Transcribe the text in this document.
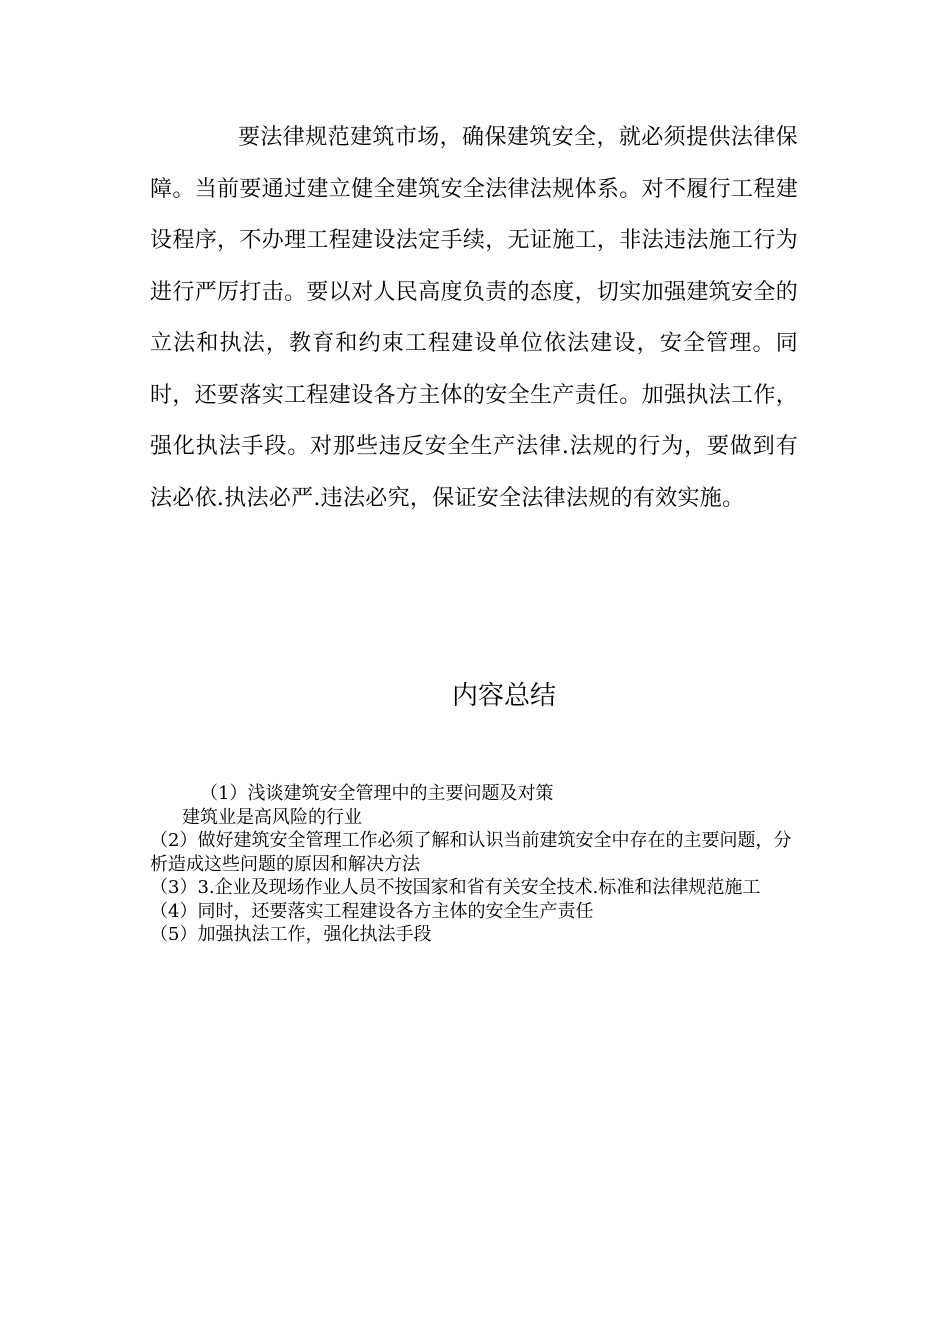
要法律规范建筑市场，确保建筑安全，就必须提供法律保障。当前要通过建立健全建筑安全法律法规体系。对不履行工程建设程序，不办理工程建设法定手续，无证施工，非法违法施工行为进行严厉打击。要以对人民高度负责的态度，切实加强建筑安全的立法和执法，教育和约束工程建设单位依法建设，安全管理。同时，还要落实工程建设各方主体的安全生产责任。加强执法工作，强化执法手段。对那些违反安全生产法律.法规的行为，要做到有法必依.执法必严.违法必究，保证安全法律法规的有效实施。

内容总结
（1）浅谈建筑安全管理中的主要问题及对策
建筑业是高风险的行业
（2）做好建筑安全管理工作必须了解和认识当前建筑安全中存在的主要问题，分析造成这些问题的原因和解决方法
（3）3.企业及现场作业人员不按国家和省有关安全技术.标准和法律规范施工
（4）同时，还要落实工程建设各方主体的安全生产责任
（5）加强执法工作，强化执法手段
